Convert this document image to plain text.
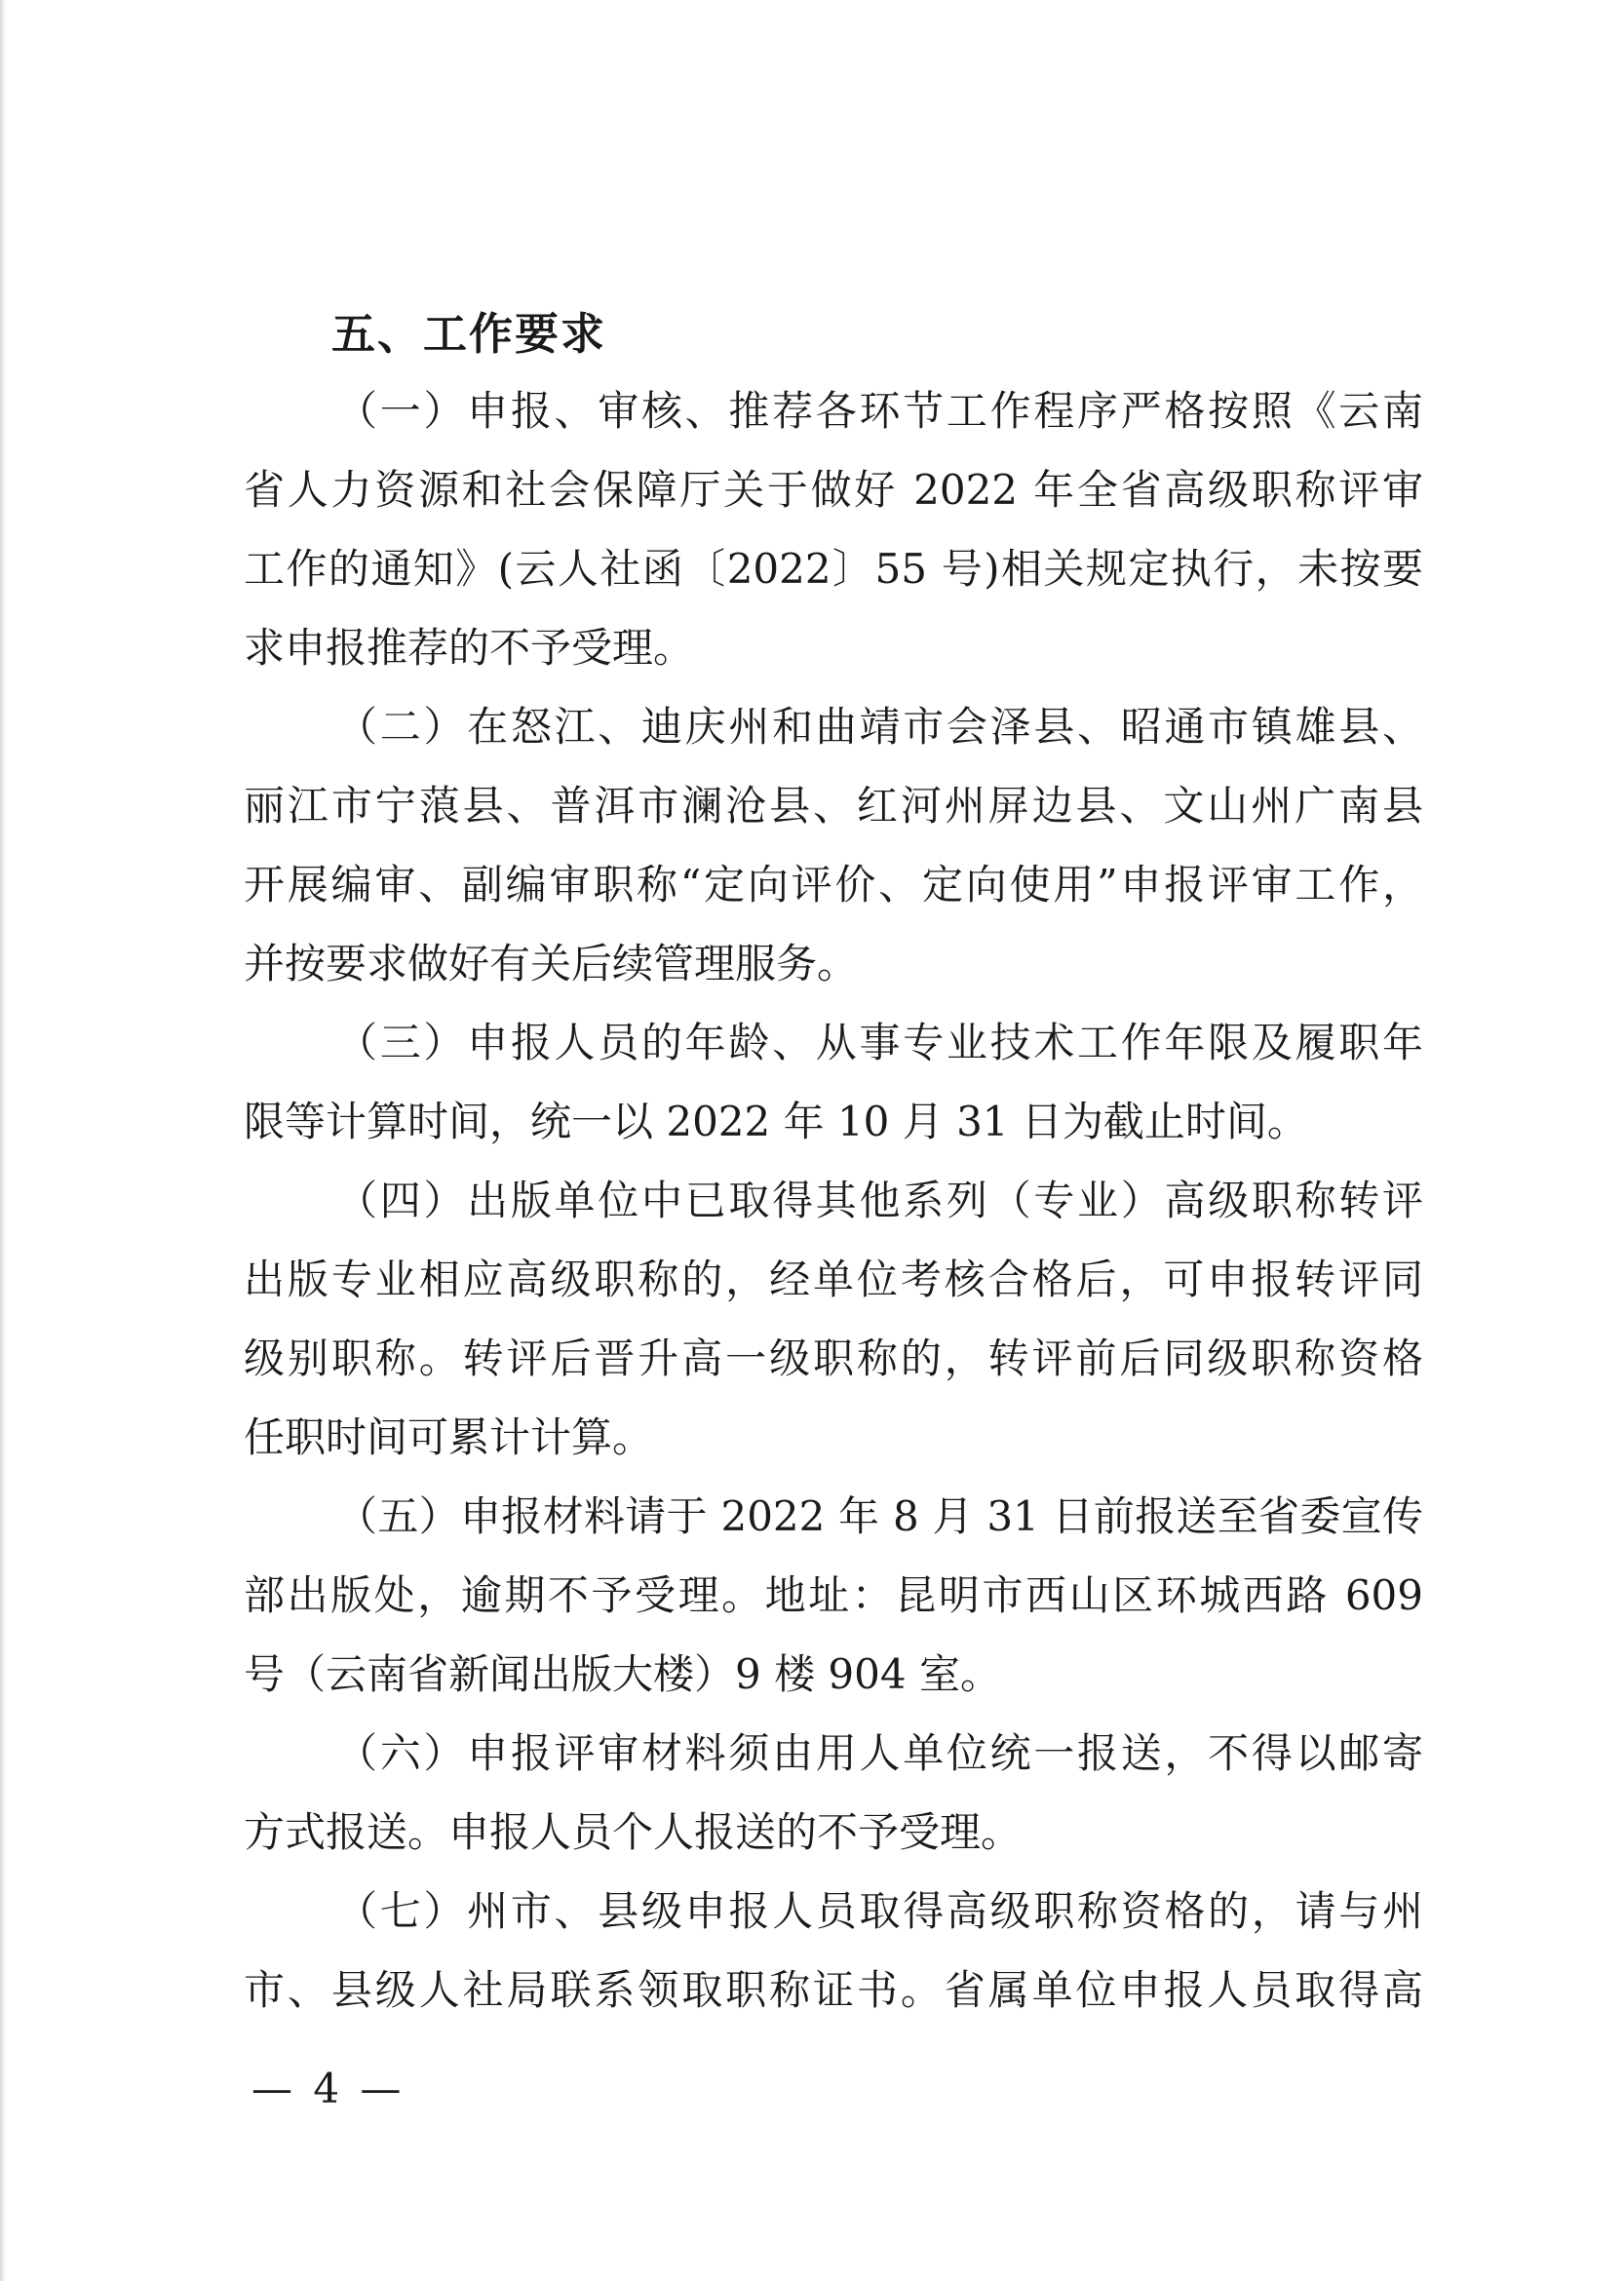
五、工作要求
（一）申报、审核、推荐各环节工作程序严格按照《云南
省人力资源和社会保障厅关于做好 2022 年全省高级职称评审
工作的通知》(云人社函〔2022〕55 号)相关规定执行，未按要
求申报推荐的不予受理。
（二）在怒江、迪庆州和曲靖市会泽县、昭通市镇雄县、
丽江市宁蒗县、普洱市澜沧县、红河州屏边县、文山州广南县
开展编审、副编审职称“定向评价、定向使用”申报评审工作，
并按要求做好有关后续管理服务。
（三）申报人员的年龄、从事专业技术工作年限及履职年
限等计算时间，统一以 2022 年 10 月 31 日为截止时间。
（四）出版单位中已取得其他系列（专业）高级职称转评
出版专业相应高级职称的，经单位考核合格后，可申报转评同
级别职称。转评后晋升高一级职称的，转评前后同级职称资格
任职时间可累计计算。
（五）申报材料请于 2022 年 8 月 31 日前报送至省委宣传
部出版处，逾期不予受理。地址：昆明市西山区环城西路 609
号（云南省新闻出版大楼）9 楼 904 室。
（六）申报评审材料须由用人单位统一报送，不得以邮寄
方式报送。申报人员个人报送的不予受理。
（七）州市、县级申报人员取得高级职称资格的，请与州
市、县级人社局联系领取职称证书。省属单位申报人员取得高
— 4 —
